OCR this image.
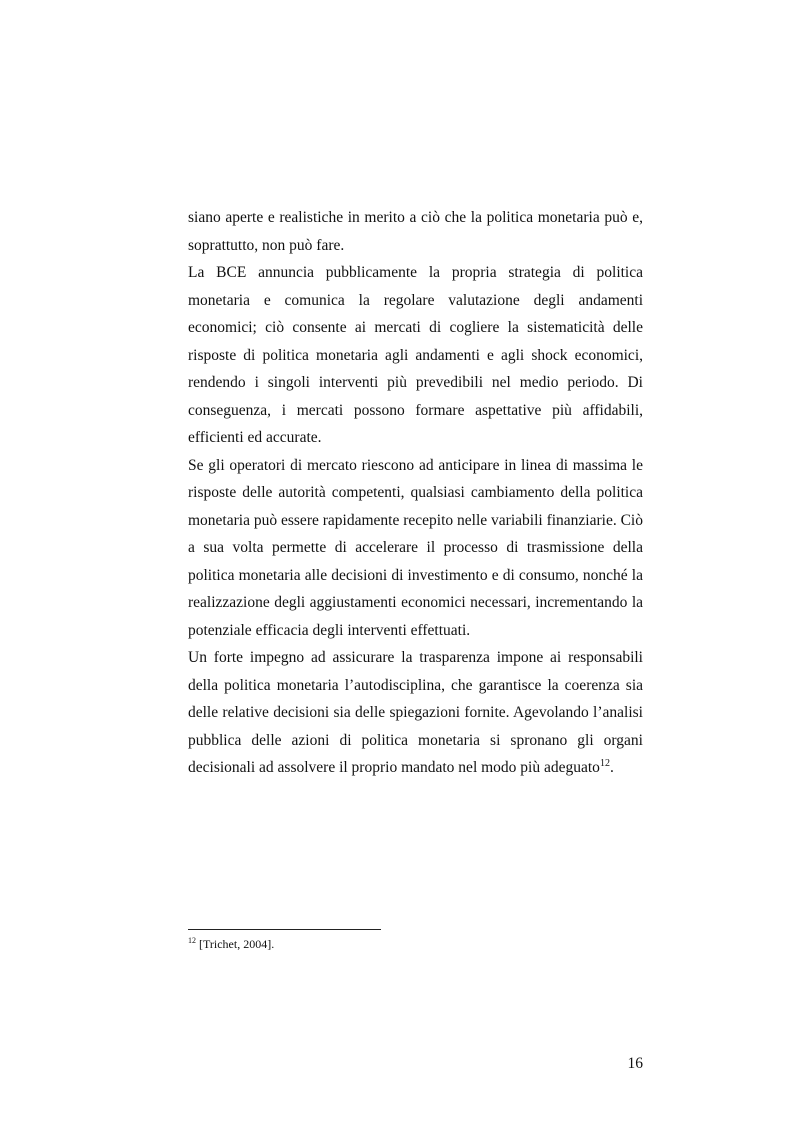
siano aperte e realistiche in merito a ciò che la politica monetaria può e, soprattutto, non può fare.

La BCE annuncia pubblicamente la propria strategia di politica monetaria e comunica la regolare valutazione degli andamenti economici; ciò consente ai mercati di cogliere la sistematicità delle risposte di politica monetaria agli andamenti e agli shock economici, rendendo i singoli interventi più prevedibili nel medio periodo. Di conseguenza, i mercati possono formare aspettative più affidabili, efficienti ed accurate.

Se gli operatori di mercato riescono ad anticipare in linea di massima le risposte delle autorità competenti, qualsiasi cambiamento della politica monetaria può essere rapidamente recepito nelle variabili finanziarie. Ciò a sua volta permette di accelerare il processo di trasmissione della politica monetaria alle decisioni di investimento e di consumo, nonché la realizzazione degli aggiustamenti economici necessari, incrementando la potenziale efficacia degli interventi effettuati.

Un forte impegno ad assicurare la trasparenza impone ai responsabili della politica monetaria l’autodisciplina, che garantisce la coerenza sia delle relative decisioni sia delle spiegazioni fornite. Agevolando l’analisi pubblica delle azioni di politica monetaria si spronano gli organi decisionali ad assolvere il proprio mandato nel modo più adeguato$^{12}$.

$^{12}$ [Trichet, 2004].
16
